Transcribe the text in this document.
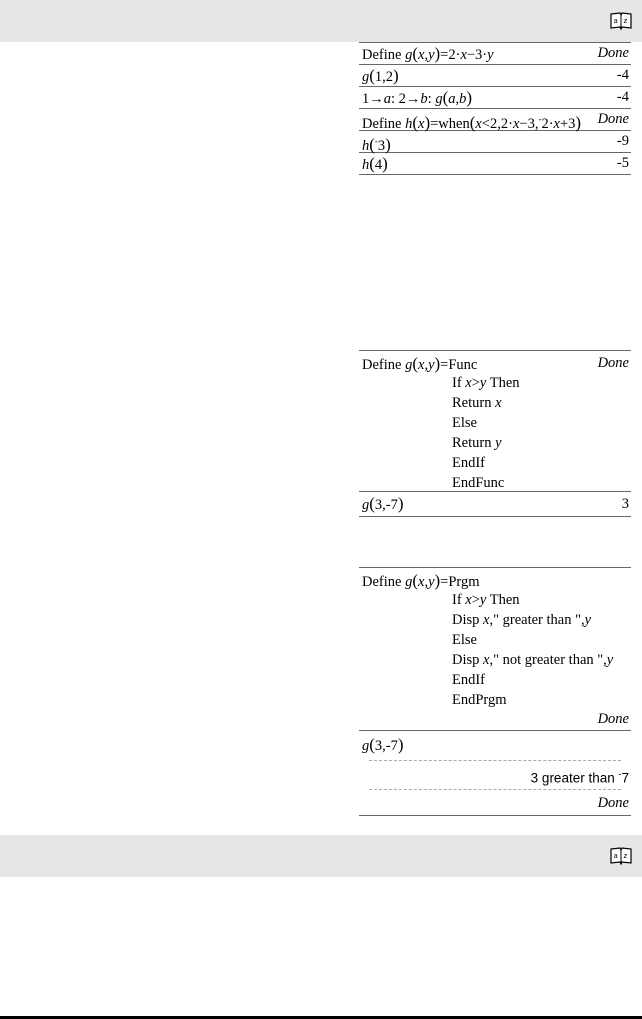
a z
Define g(x,y)=2·x−3·y	Done
g(1,2)	-4
1→a: 2→b: g(a,b)	-4
Define h(x)=when(x<2,2·x−3,-2·x+3) Done
h(-3)	-9
h(4)	-5
Define g(x,y)=Func	Done
If x>y Then
Return x
Else
Return y
EndIf
EndFunc
g(3,-7)	3
Define g(x,y)=Prgm
If x>y Then
Disp x," greater than ",y
Else
Disp x," not greater than ",y
EndIf
EndPrgm
Done
g(3,-7)
3 greater than -7
Done
a z
